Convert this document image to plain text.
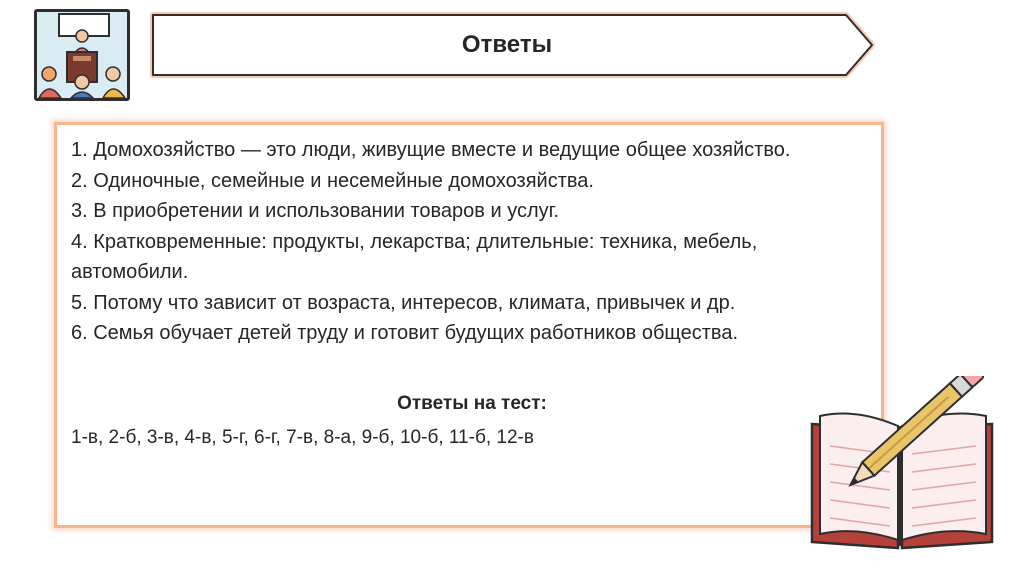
Ответы
1. Домохозяйство — это люди, живущие вместе и ведущие общее хозяйство.
2. Одиночные, семейные и несемейные домохозяйства.
3. В приобретении и использовании товаров и услуг.
4. Кратковременные: продукты, лекарства; длительные: техника, мебель, автомобили.
5. Потому что зависит от возраста, интересов, климата, привычек и др.
6. Семья обучает детей труду и готовит будущих работников общества.
Ответы на тест:
1-в, 2-б, 3-в, 4-в, 5-г, 6-г, 7-в, 8-а, 9-б, 10-б, 11-б, 12-в
